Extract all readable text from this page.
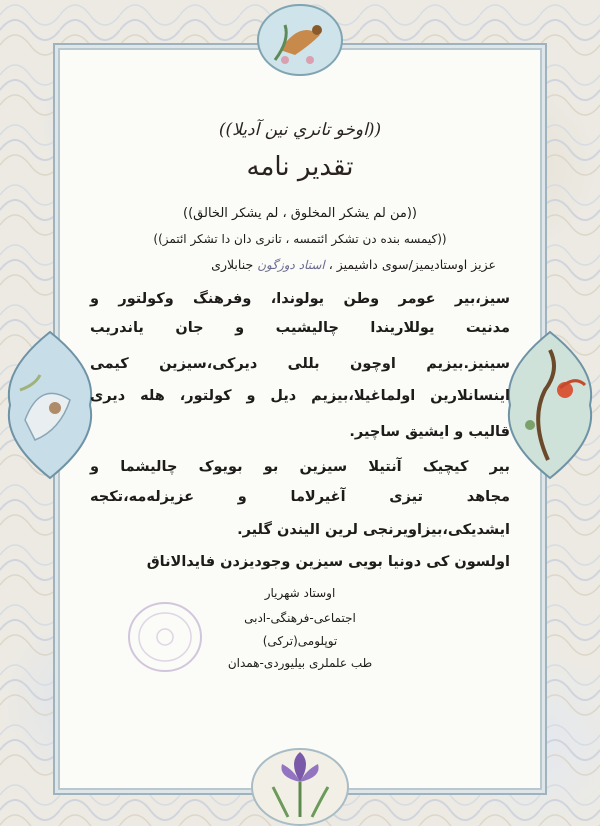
((اوخو تانري نين آديلا))
تقدير نامه
((من لم يشكر المخلوق ، لم يشكر الخالق))
((كيمسه بنده دن تشكر ائتمسه ، تانرى دان دا تشكر ائتمز))
عزيز اوستاديميز/سوى داشيميز ، استاد دوزگون جنابلارى
سيز،بير عومر وطن يولوندا، وفرهنگ وكولتور و
مدنيت يوللاريندا چاليشيب و جان ياندريب
سينيز.بيزيم اوچون بللى ديركى،سيزين كيمى
اينسانلارين اولماغيلا،بيزيم ديل و كولتور، هله ديرى
قاليب و ايشيق ساچير.
بير كيچيک آنتيلا سيزين بو بويوک چاليشما و
مجاهد تيزى آغيرلاما و عزيزله‌مه،تكجه
ايشديكى،بيزاويرنجى لرين اليندن گلير.
اولسون كى دونيا بويى سيزين وجوديزدن فايدالاناق
اوستاد شهريار
اجتماعى-فرهنگى-ادبى
توپلومى(تركى)
طب علملرى بيليوردى-همدان
